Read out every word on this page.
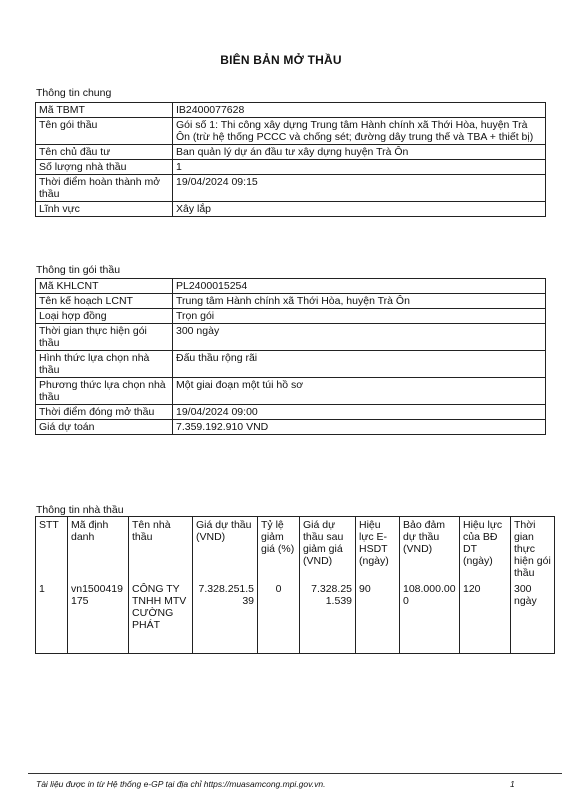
BIÊN BẢN MỞ THẦU
Thông tin chung
Mã TBMT	IB2400077628
Tên gói thầu	Gói số 1: Thi công xây dựng Trung tâm Hành chính xã Thới Hòa, huyện Trà Ôn (trừ hệ thống PCCC và chống sét; đường dây trung thế và TBA + thiết bị)
Tên chủ đầu tư	Ban quản lý dự án đầu tư xây dựng huyện Trà Ôn
Số lượng nhà thầu	1
Thời điểm hoàn thành mở thầu	19/04/2024 09:15
Lĩnh vực	Xây lắp
Thông tin gói thầu
Mã KHLCNT	PL2400015254
Tên kế hoạch LCNT	Trung tâm Hành chính xã Thới Hòa, huyện Trà Ôn
Loại hợp đồng	Trọn gói
Thời gian thực hiện gói thầu	300 ngày
Hình thức lựa chọn nhà thầu	Đấu thầu rộng rãi
Phương thức lựa chọn nhà thầu	Một giai đoạn một túi hồ sơ
Thời điểm đóng mở thầu	19/04/2024 09:00
Giá dự toán	7.359.192.910 VND
Thông tin nhà thầu
STT	Mã định danh	Tên nhà thầu	Giá dự thầu (VND)	Tỷ lệ giảm giá (%)	Giá dự thầu sau giảm giá (VND)	Hiệu lực E-HSDT (ngày)	Bảo đảm dự thầu (VND)	Hiệu lực của BĐ DT (ngày)	Thời gian thực hiện gói thầu
1	vn1500419175	CÔNG TY TNHH MTV CƯỜNG PHÁT	7.328.251.539	0	7.328.251.539	90	108.000.000	120	300 ngày
Tài liệu được in từ Hệ thống e-GP tại địa chỉ https://muasamcong.mpi.gov.vn.	1
